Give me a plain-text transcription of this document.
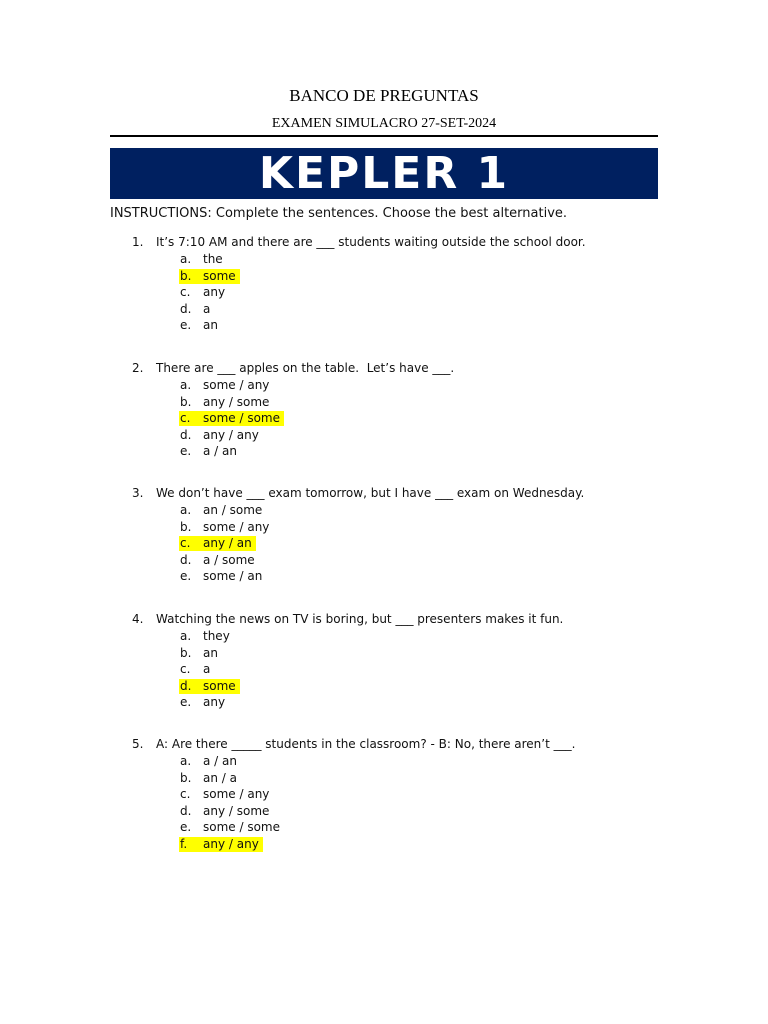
BANCO DE PREGUNTAS
EXAMEN SIMULACRO 27-SET-2024
KEPLER 1
INSTRUCTIONS: Complete the sentences. Choose the best alternative.
1. It’s 7:10 AM and there are ___ students waiting outside the school door.
a. the
b. some
c. any
d. a
e. an
2. There are ___ apples on the table.  Let’s have ___.
a. some / any
b. any / some
c. some / some
d. any / any
e. a / an
3. We don’t have ___ exam tomorrow, but I have ___ exam on Wednesday.
a. an / some
b. some / any
c. any / an
d. a / some
e. some / an
4. Watching the news on TV is boring, but ___ presenters makes it fun.
a. they
b. an
c. a
d. some
e. any
5. A: Are there _____ students in the classroom? - B: No, there aren’t ___.
a. a / an
b. an / a
c. some / any
d. any / some
e. some / some
f. any / any
